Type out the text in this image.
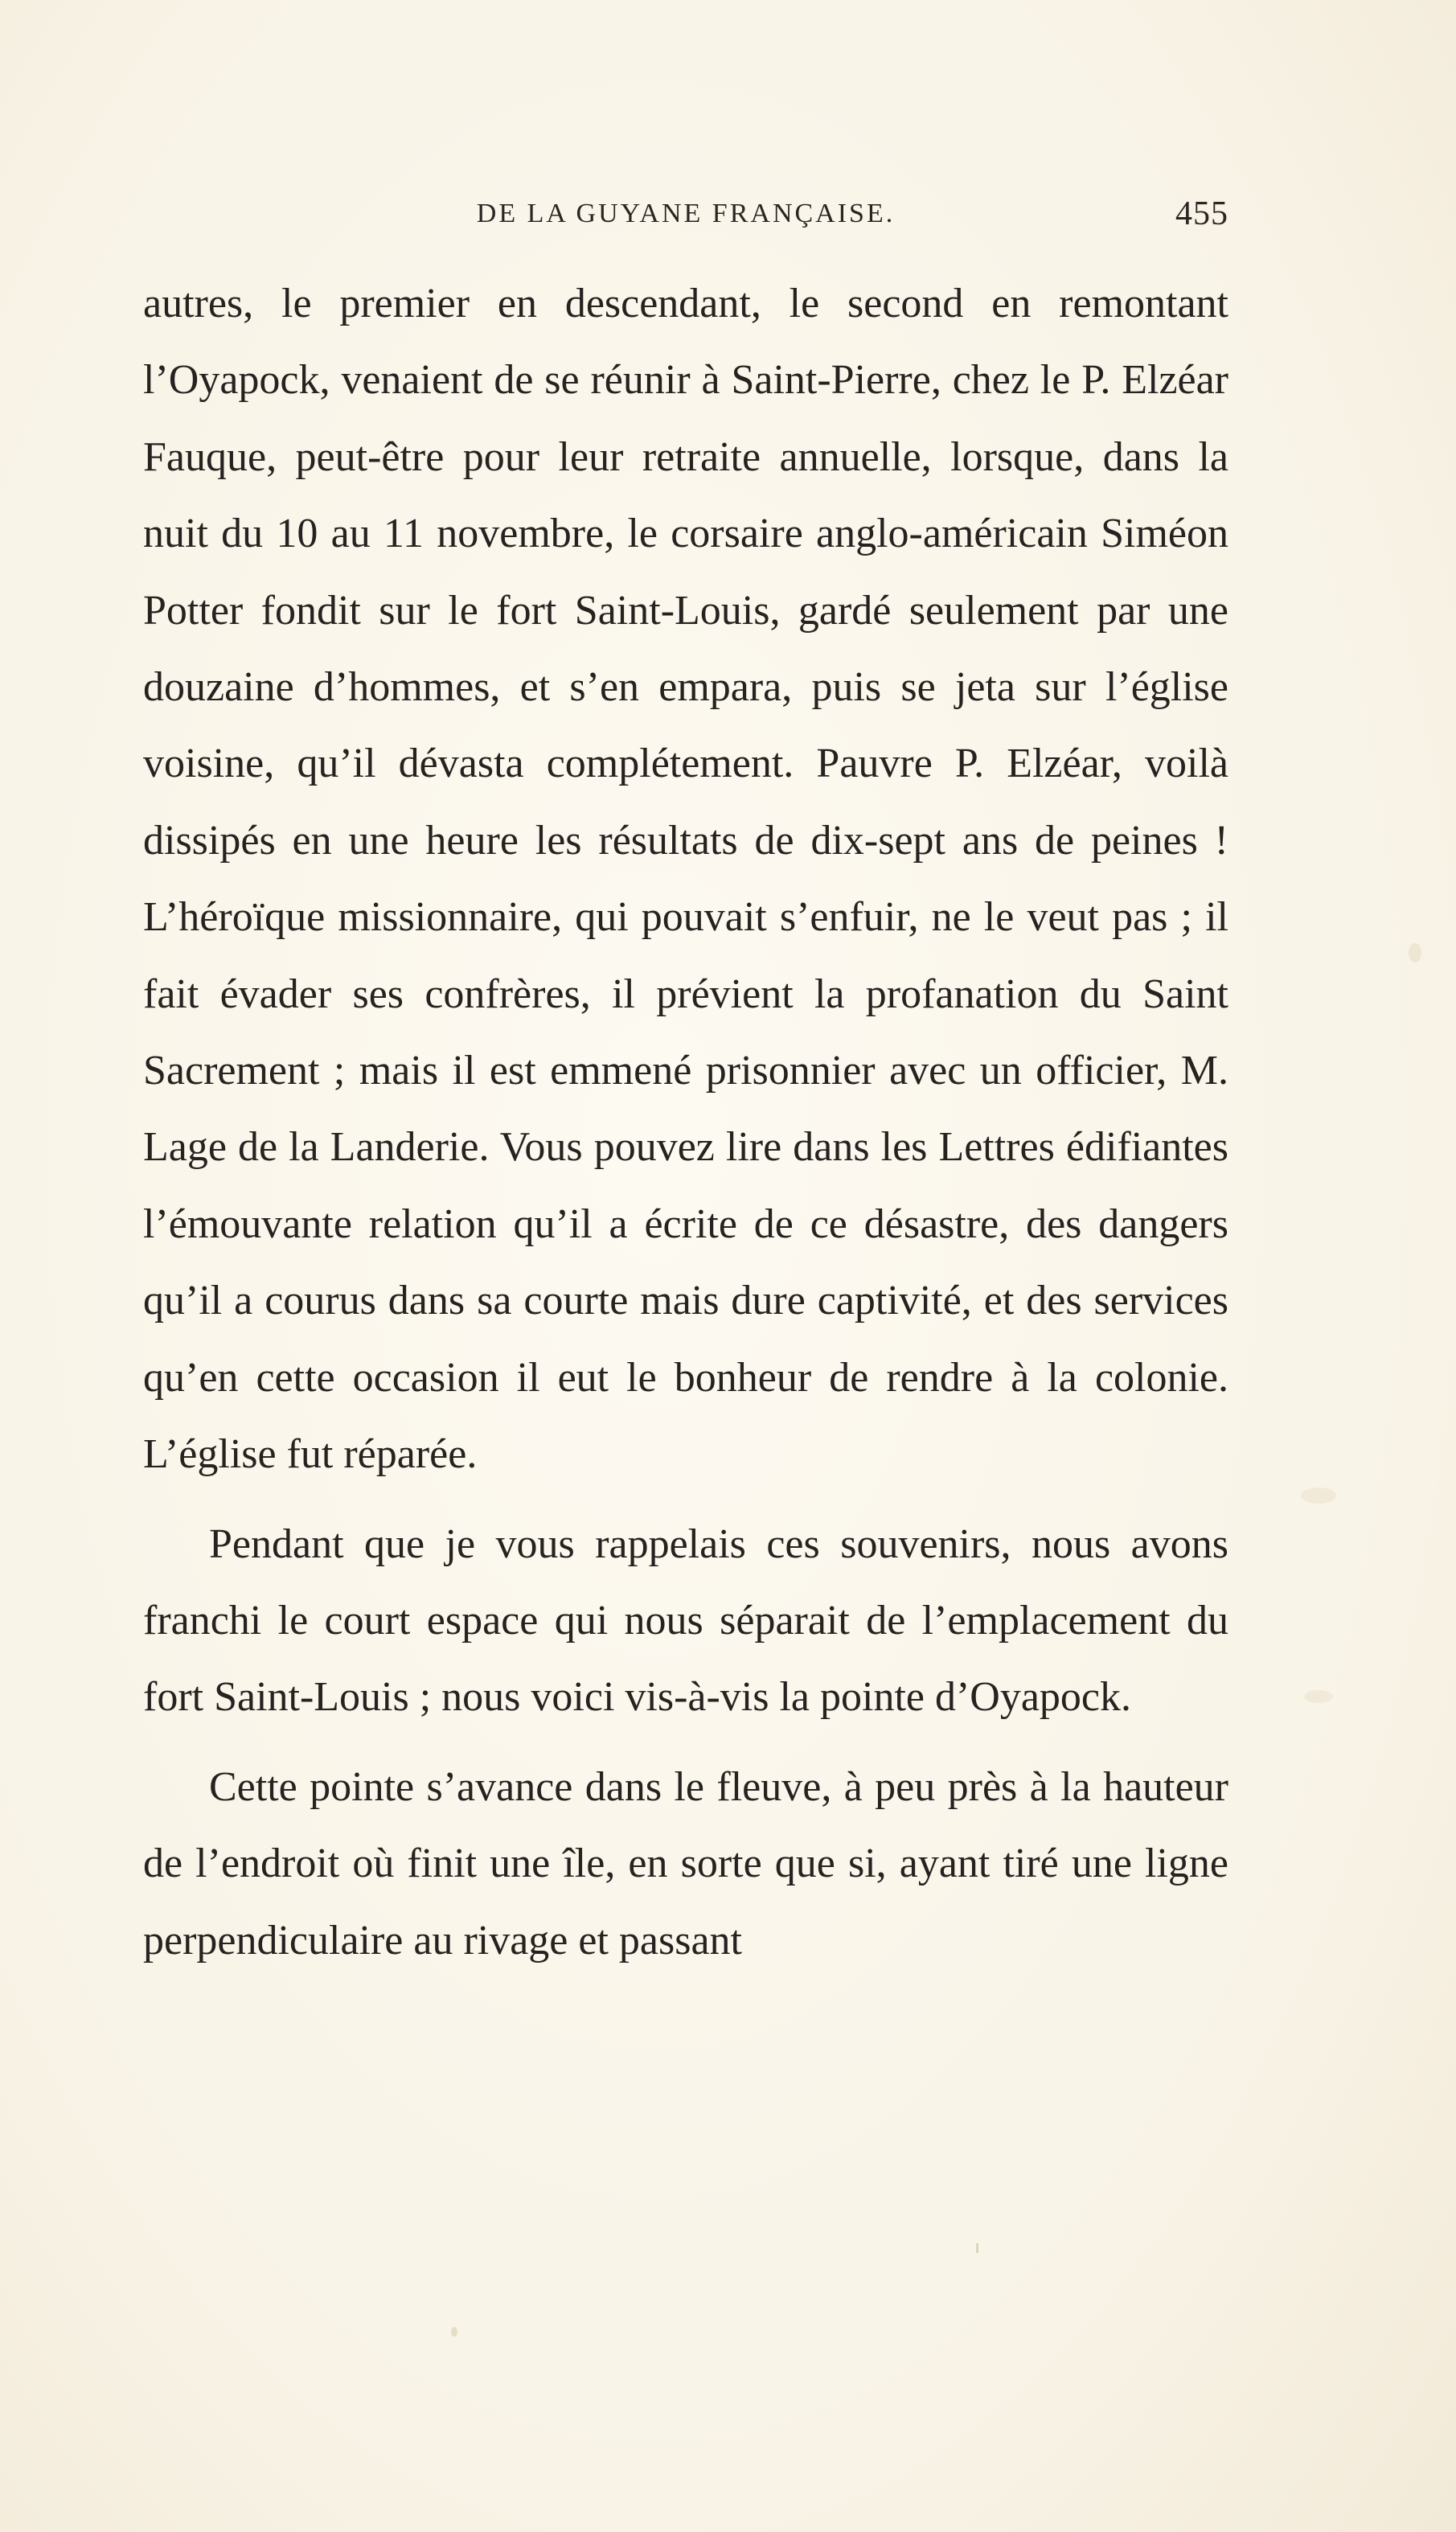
DE LA GUYANE FRANÇAISE.	455

autres, le premier en descendant, le second en remontant l’Oyapock, venaient de se réunir à Saint-Pierre, chez le P. Elzéar Fauque, peut-être pour leur retraite annuelle, lorsque, dans la nuit du 10 au 11 novembre, le corsaire anglo-américain Siméon Potter fondit sur le fort Saint-Louis, gardé seulement par une douzaine d’hommes, et s’en empara, puis se jeta sur l’église voisine, qu’il dévasta complétement. Pauvre P. Elzéar, voilà dissipés en une heure les résultats de dix-sept ans de peines ! L’héroïque missionnaire, qui pouvait s’enfuir, ne le veut pas ; il fait évader ses confrères, il prévient la profanation du Saint Sacrement ; mais il est emmené prisonnier avec un officier, M. Lage de la Landerie. Vous pouvez lire dans les Lettres édifiantes l’émouvante relation qu’il a écrite de ce désastre, des dangers qu’il a courus dans sa courte mais dure captivité, et des services qu’en cette occasion il eut le bonheur de rendre à la colonie. L’église fut réparée.

Pendant que je vous rappelais ces souvenirs, nous avons franchi le court espace qui nous séparait de l’emplacement du fort Saint-Louis ; nous voici vis-à-vis la pointe d’Oyapock.

Cette pointe s’avance dans le fleuve, à peu près à la hauteur de l’endroit où finit une île, en sorte que si, ayant tiré une ligne perpendiculaire au rivage et passant
